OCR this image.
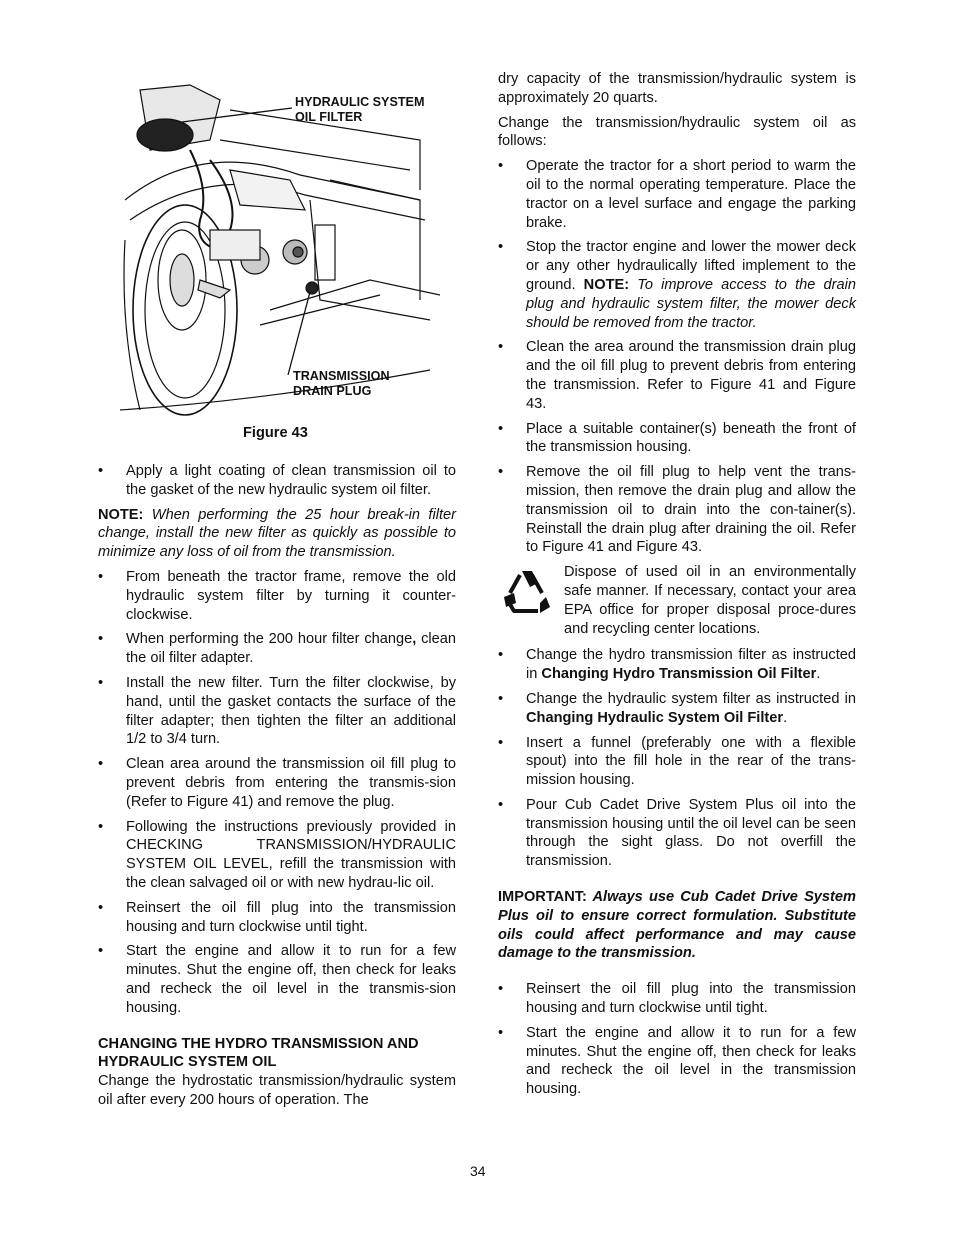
HYDRAULIC SYSTEM
OIL FILTER
TRANSMISSION
DRAIN PLUG
Figure 43
• Apply a light coating of clean transmission oil to the gasket of the new hydraulic system oil filter.

NOTE: When performing the 25 hour break-in filter change, install the new filter as quickly as possible to minimize any loss of oil from the transmission.

• From beneath the tractor frame, remove the old hydraulic system filter by turning it counter-clockwise.
• When performing the 200 hour filter change, clean the oil filter adapter.
• Install the new filter. Turn the filter clockwise, by hand, until the gasket contacts the surface of the filter adapter; then tighten the filter an additional 1/2 to 3/4 turn.
• Clean area around the transmission oil fill plug to prevent debris from entering the transmis-sion (Refer to Figure 41) and remove the plug.
• Following the instructions previously provided in CHECKING TRANSMISSION/HYDRAULIC SYSTEM OIL LEVEL, refill the transmission with the clean salvaged oil or with new hydrau-lic oil.
• Reinsert the oil fill plug into the transmission housing and turn clockwise until tight.
• Start the engine and allow it to run for a few minutes. Shut the engine off, then check for leaks and recheck the oil level in the transmis-sion housing.
CHANGING THE HYDRO TRANSMISSION AND
HYDRAULIC SYSTEM OIL

Change the hydrostatic transmission/hydraulic system oil after every 200 hours of operation. The

dry capacity of the transmission/hydraulic system is approximately 20 quarts.

Change the transmission/hydraulic system oil as follows:

• Operate the tractor for a short period to warm the oil to the normal operating temperature. Place the tractor on a level surface and engage the parking brake.
• Stop the tractor engine and lower the mower deck or any other hydraulically lifted implement to the ground. NOTE: To improve access to the drain plug and hydraulic system filter, the mower deck should be removed from the tractor.
• Clean the area around the transmission drain plug and the oil fill plug to prevent debris from entering the transmission. Refer to Figure 41 and Figure 43.
• Place a suitable container(s) beneath the front of the transmission housing.
• Remove the oil fill plug to help vent the trans-mission, then remove the drain plug and allow the transmission oil to drain into the con-tainer(s). Reinstall the drain plug after draining the oil. Refer to Figure 41 and Figure 43.

Dispose of used oil in an environmentally safe manner. If necessary, contact your area EPA office for proper disposal proce-dures and recycling center locations.

• Change the hydro transmission filter as instructed in Changing Hydro Transmission Oil Filter.
• Change the hydraulic system filter as instructed in Changing Hydraulic System Oil Filter.
• Insert a funnel (preferably one with a flexible spout) into the fill hole in the rear of the trans-mission housing.
• Pour Cub Cadet Drive System Plus oil into the transmission housing until the oil level can be seen through the sight glass. Do not overfill the transmission.

IMPORTANT: Always use Cub Cadet Drive System Plus oil to ensure correct formulation. Substitute oils could affect performance and may cause damage to the transmission.

• Reinsert the oil fill plug into the transmission housing and turn clockwise until tight.
• Start the engine and allow it to run for a few minutes. Shut the engine off, then check for leaks and recheck the oil level in the transmission housing.
34
